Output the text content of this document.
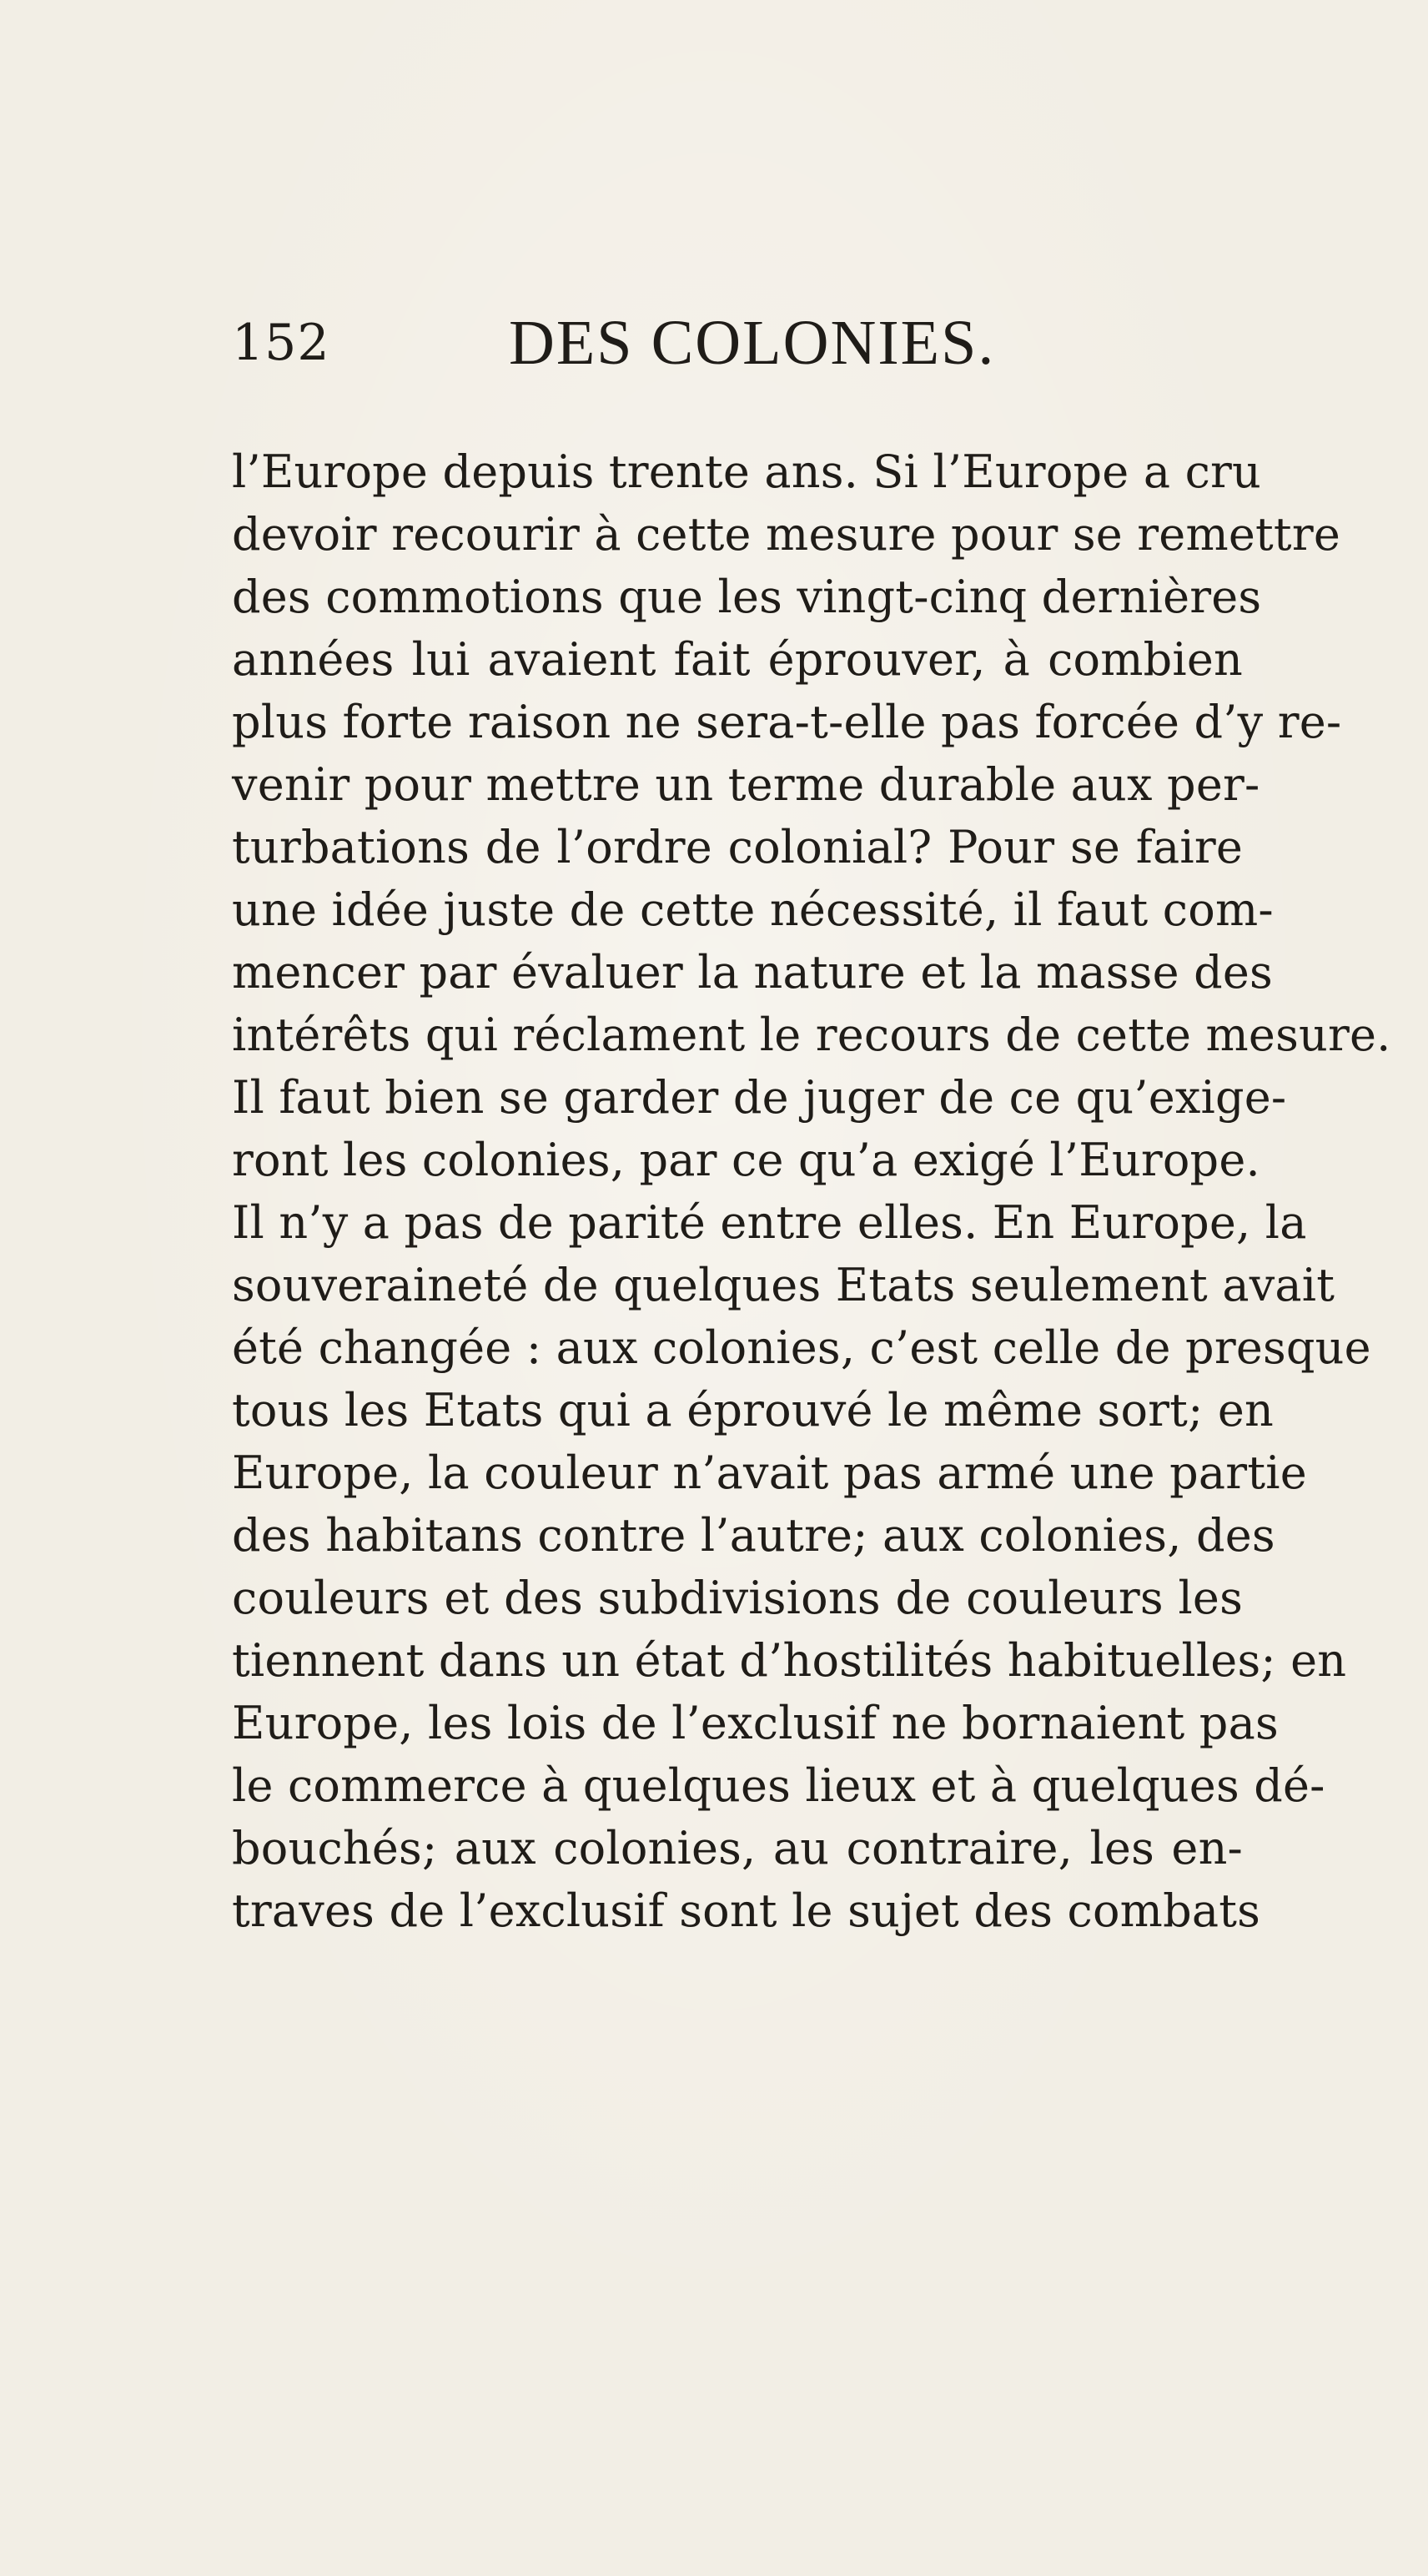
152	DES COLONIES.
l’Europe depuis trente ans. Si l’Europe a cru
devoir recourir à cette mesure pour se remettre
des commotions que les vingt-cinq dernières
années lui avaient fait éprouver, à combien
plus forte raison ne sera-t-elle pas forcée d’y re-
venir pour mettre un terme durable aux per-
turbations de l’ordre colonial? Pour se faire
une idée juste de cette nécessité, il faut com-
mencer par évaluer la nature et la masse des
intérêts qui réclament le recours de cette mesure.
Il faut bien se garder de juger de ce qu’exige-
ront les colonies, par ce qu’a exigé l’Europe.
Il n’y a pas de parité entre elles. En Europe, la
souveraineté de quelques Etats seulement avait
été changée : aux colonies, c’est celle de presque
tous les Etats qui a éprouvé le même sort; en
Europe, la couleur n’avait pas armé une partie
des habitans contre l’autre; aux colonies, des
couleurs et des subdivisions de couleurs les
tiennent dans un état d’hostilités habituelles; en
Europe, les lois de l’exclusif ne bornaient pas
le commerce à quelques lieux et à quelques dé-
bouchés; aux colonies, au contraire, les en-
traves de l’exclusif sont le sujet des combats
